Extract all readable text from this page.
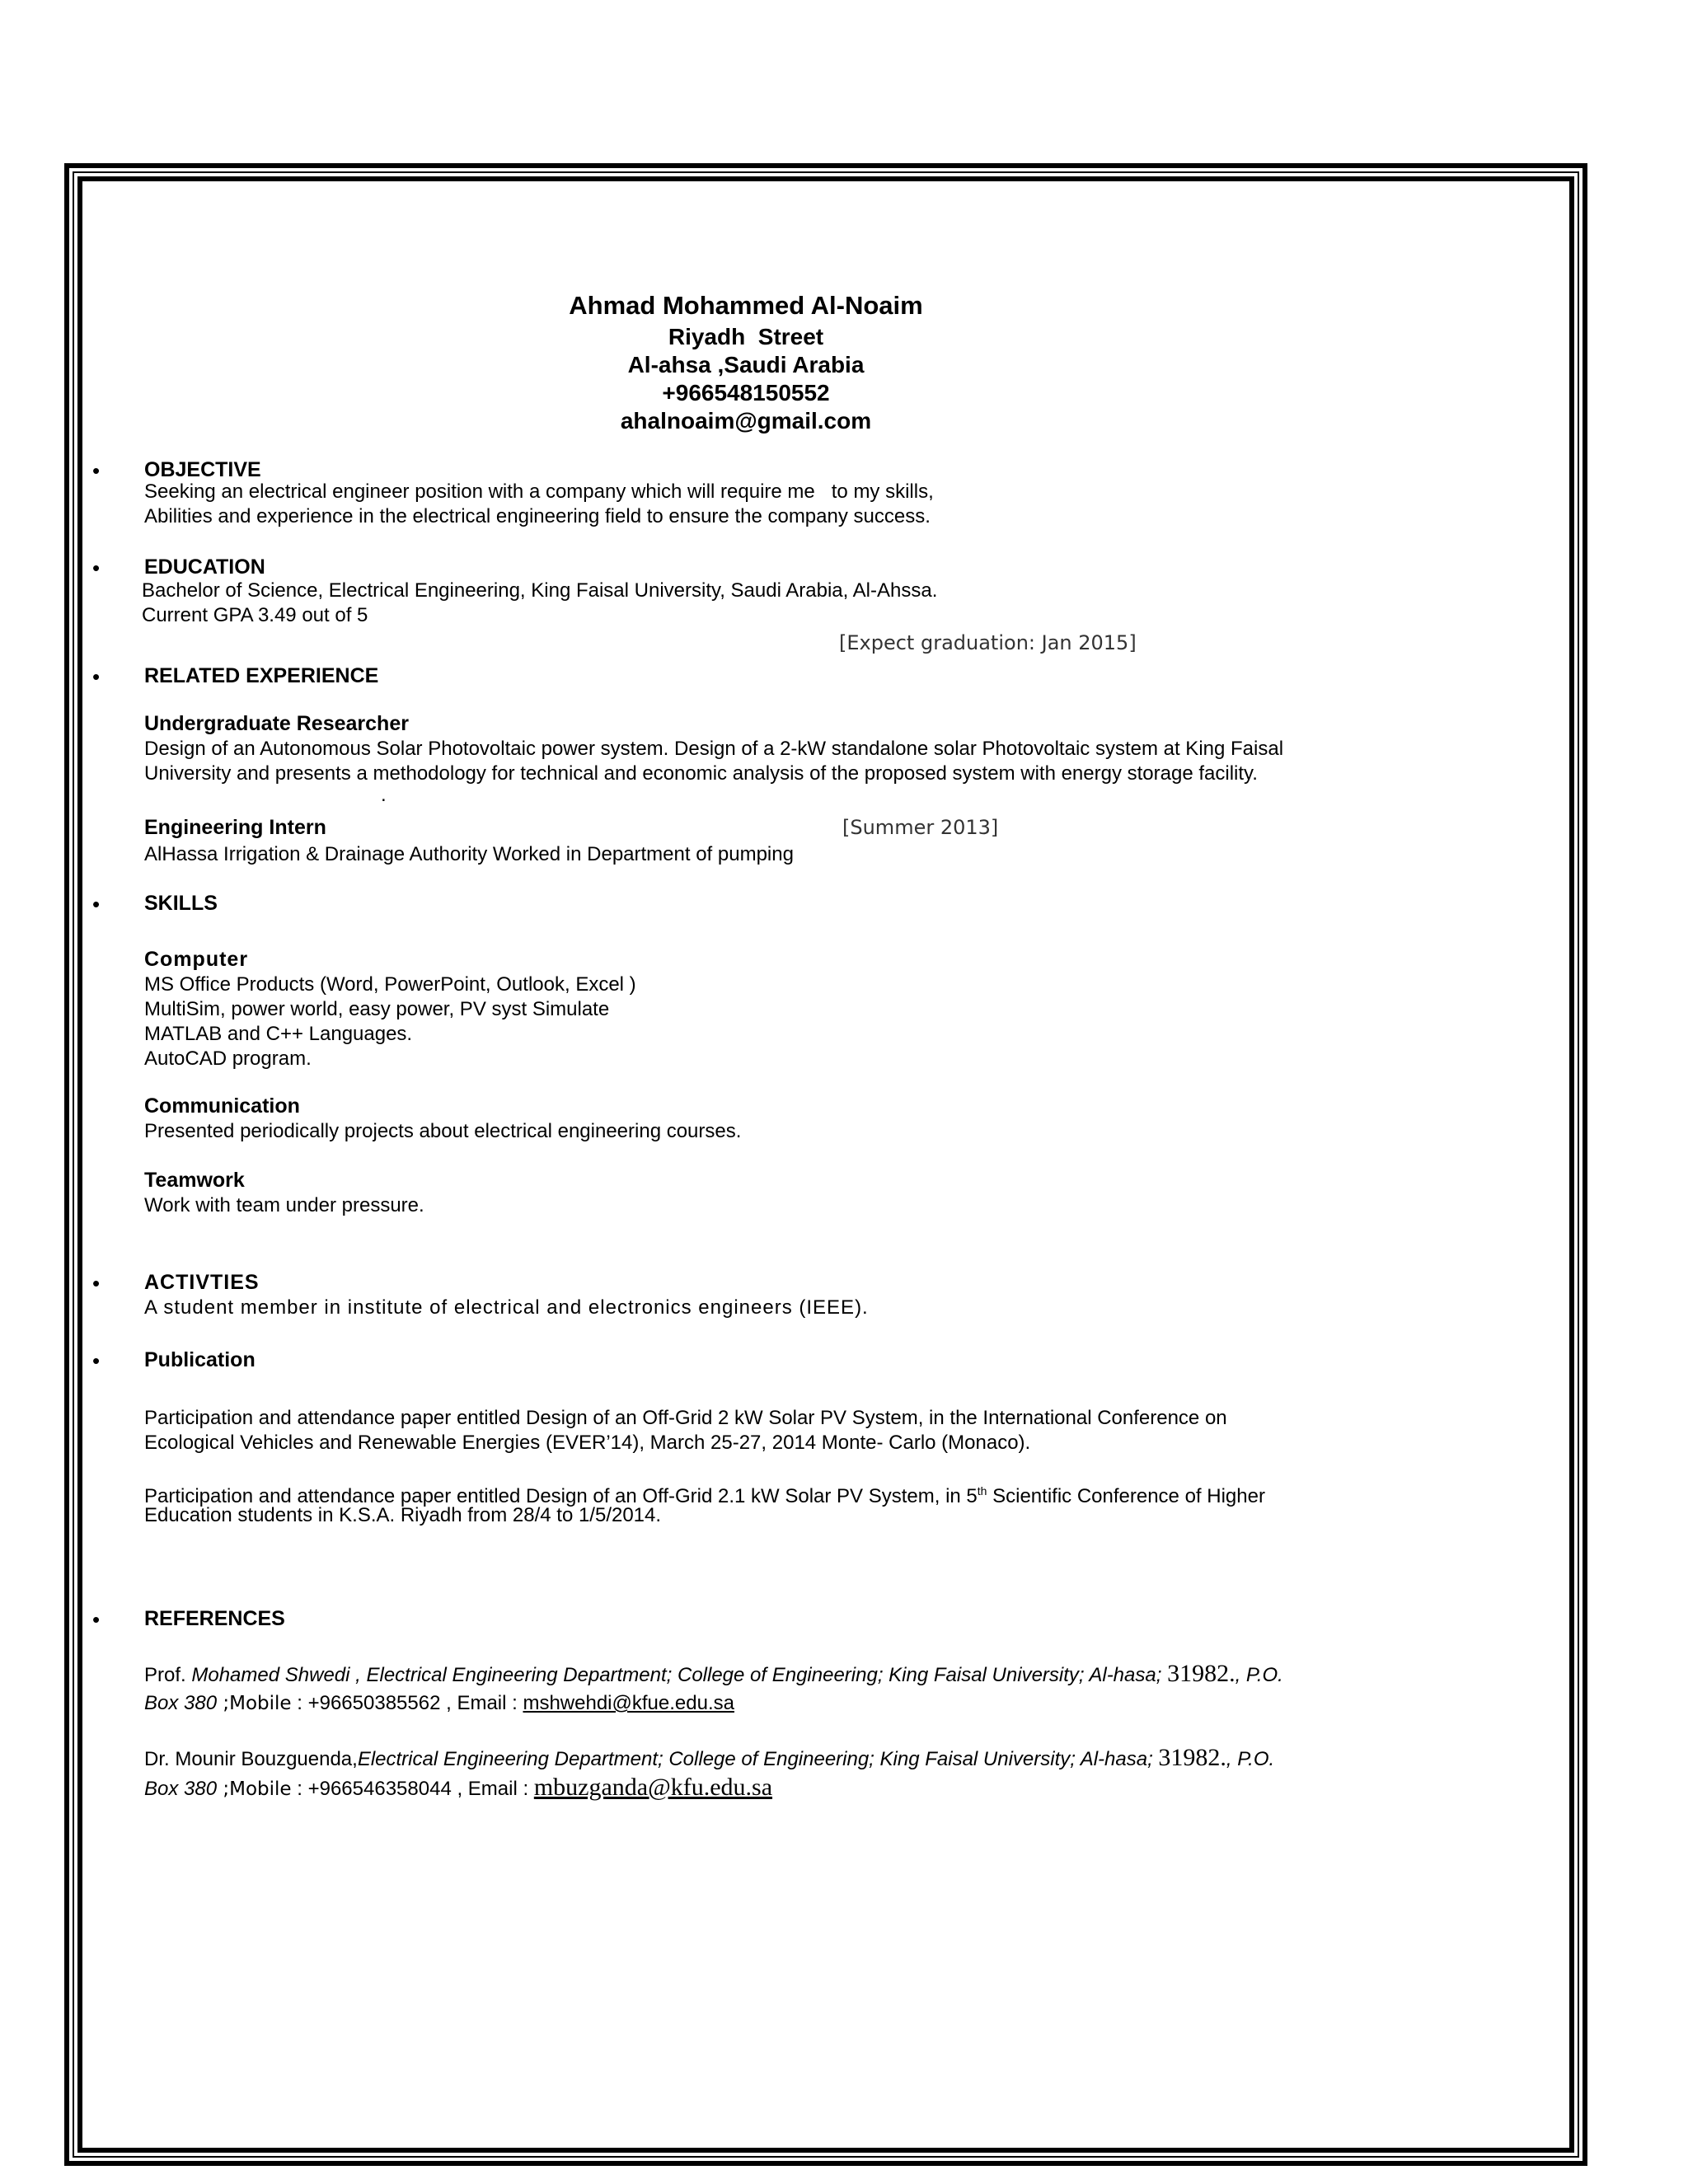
Ahmad Mohammed Al-Noaim
Riyadh  Street
Al-ahsa ,Saudi Arabia
+966548150552
ahalnoaim@gmail.com
• OBJECTIVE
Seeking an electrical engineer position with a company which will require me   to my skills,
Abilities and experience in the electrical engineering field to ensure the company success.
• EDUCATION
Bachelor of Science, Electrical Engineering, King Faisal University, Saudi Arabia, Al-Ahssa.
Current GPA 3.49 out of 5
[Expect graduation: Jan 2015]
• RELATED EXPERIENCE
Undergraduate Researcher
Design of an Autonomous Solar Photovoltaic power system. Design of a 2-kW standalone solar Photovoltaic system at King Faisal
University and presents a methodology for technical and economic analysis of the proposed system with energy storage facility.
.
Engineering Intern	[Summer 2013]
AlHassa Irrigation & Drainage Authority Worked in Department of pumping
• SKILLS
Computer
MS Office Products (Word, PowerPoint, Outlook, Excel )
MultiSim, power world, easy power, PV syst Simulate
MATLAB and C++ Languages.
AutoCAD program.
Communication
Presented periodically projects about electrical engineering courses.
Teamwork
Work with team under pressure.
• ACTIVTIES
A student member in institute of electrical and electronics engineers (IEEE).
• Publication
Participation and attendance paper entitled Design of an Off-Grid 2 kW Solar PV System, in the International Conference on
Ecological Vehicles and Renewable Energies (EVER’14), March 25-27, 2014 Monte- Carlo (Monaco).
Participation and attendance paper entitled Design of an Off-Grid 2.1 kW Solar PV System, in 5th Scientific Conference of Higher
Education students in K.S.A. Riyadh from 28/4 to 1/5/2014.
• REFERENCES
Prof. Mohamed Shwedi , Electrical Engineering Department; College of Engineering; King Faisal University; Al-hasa; 31982., P.O.
Box 380 ;Mobile : +96650385562 , Email : mshwehdi@kfue.edu.sa
Dr. Mounir Bouzguenda,Electrical Engineering Department; College of Engineering; King Faisal University; Al-hasa; 31982., P.O.
Box 380 ;Mobile : +966546358044 , Email : mbuzganda@kfu.edu.sa
